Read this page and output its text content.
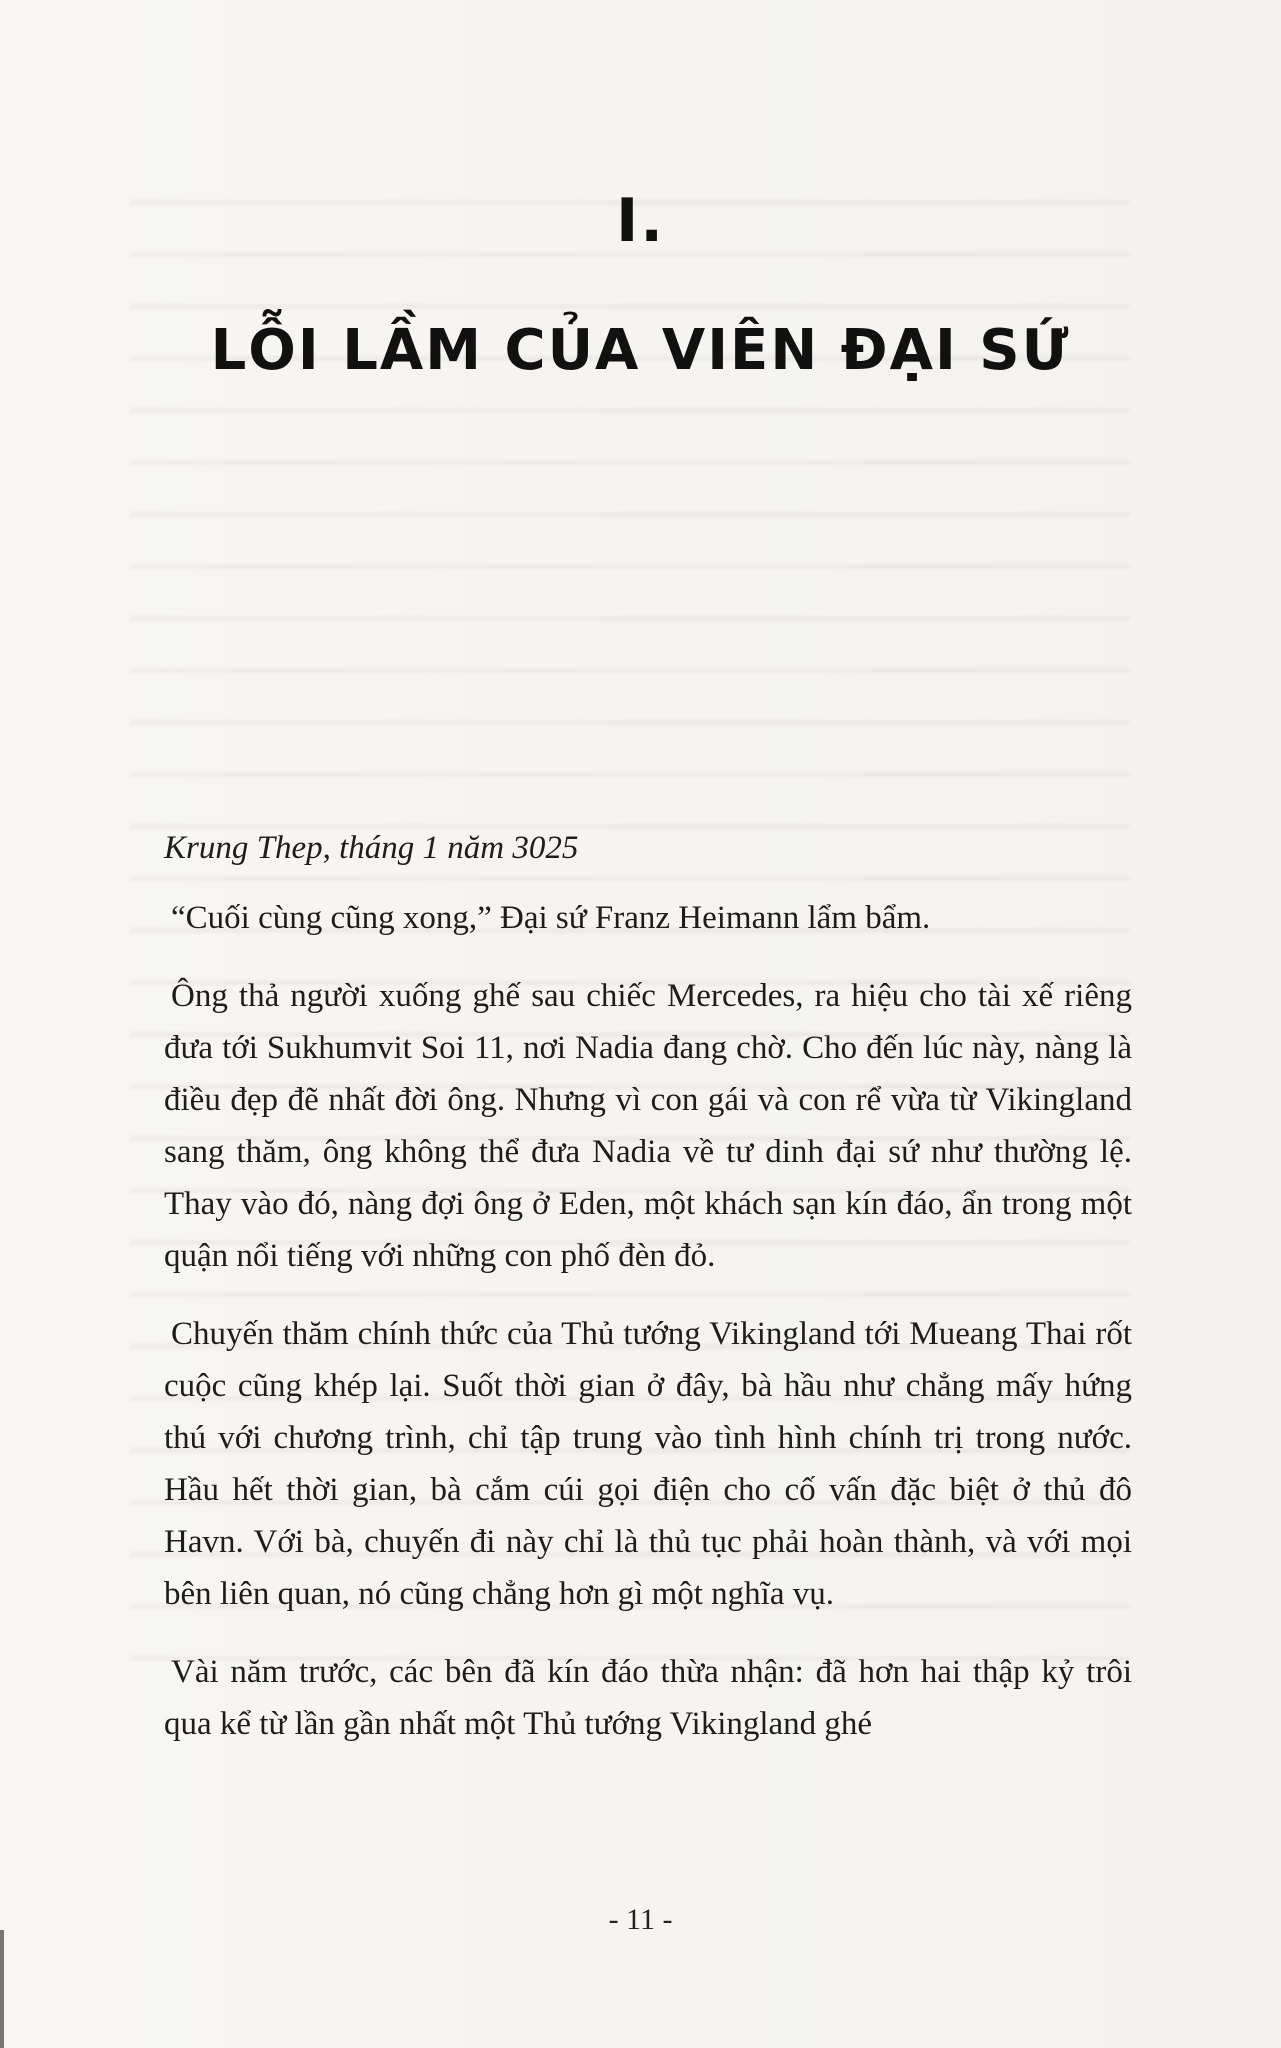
I.
LỖI LẦM CỦA VIÊN ĐẠI SỨ

Krung Thep, tháng 1 năm 3025

“Cuối cùng cũng xong,” Đại sứ Franz Heimann lẩm bẩm.

Ông thả người xuống ghế sau chiếc Mercedes, ra hiệu cho tài xế riêng đưa tới Sukhumvit Soi 11, nơi Nadia đang chờ. Cho đến lúc này, nàng là điều đẹp đẽ nhất đời ông. Nhưng vì con gái và con rể vừa từ Vikingland sang thăm, ông không thể đưa Nadia về tư dinh đại sứ như thường lệ. Thay vào đó, nàng đợi ông ở Eden, một khách sạn kín đáo, ẩn trong một quận nổi tiếng với những con phố đèn đỏ.

Chuyến thăm chính thức của Thủ tướng Vikingland tới Mueang Thai rốt cuộc cũng khép lại. Suốt thời gian ở đây, bà hầu như chẳng mấy hứng thú với chương trình, chỉ tập trung vào tình hình chính trị trong nước. Hầu hết thời gian, bà cắm cúi gọi điện cho cố vấn đặc biệt ở thủ đô Havn. Với bà, chuyến đi này chỉ là thủ tục phải hoàn thành, và với mọi bên liên quan, nó cũng chẳng hơn gì một nghĩa vụ.

Vài năm trước, các bên đã kín đáo thừa nhận: đã hơn hai thập kỷ trôi qua kể từ lần gần nhất một Thủ tướng Vikingland ghé

- 11 -
